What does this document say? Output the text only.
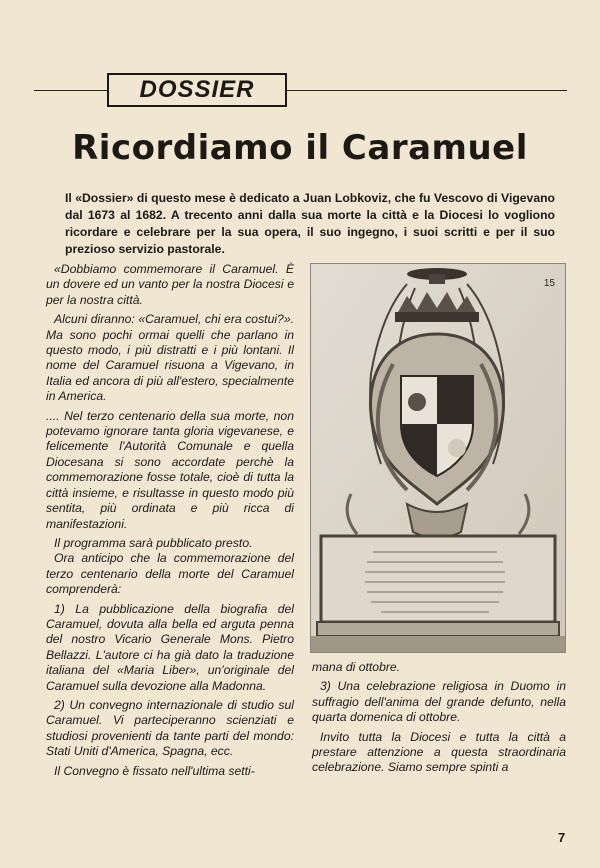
DOSSIER
Ricordiamo il Caramuel
Il «Dossier» di questo mese è dedicato a Juan Lobkoviz, che fu Vescovo di Vigevano dal 1673 al 1682. A trecento anni dalla sua morte la città e la Diocesi lo vogliono ricordare e celebrare per la sua opera, il suo ingegno, i suoi scritti e per il suo prezioso servizio pastorale.

«Dobbiamo commemorare il Caramuel. È un dovere ed un vanto per la nostra Diocesi e per la nostra città.

Alcuni diranno: «Caramuel, chi era costui?». Ma sono pochi ormai quelli che parlano in questo modo, i più distratti e i più lontani. Il nome del Caramuel risuona a Vigevano, in Italia ed ancora di più all'estero, specialmente in America.

.... Nel terzo centenario della sua morte, non potevamo ignorare tanta gloria vigevanese, e felicemente l'Autorità Comunale e quella Diocesana si sono accordate perchè la commemorazione fosse totale, cioè di tutta la città insieme, e risultasse in questo modo più sentita, più ordinata e più ricca di manifestazioni.

Il programma sarà pubblicato presto.

Ora anticipo che la commemorazione del terzo centenario della morte del Caramuel comprenderà:

1) La pubblicazione della biografia del Caramuel, dovuta alla bella ed arguta penna del nostro Vicario Generale Mons. Pietro Bellazzi. L'autore ci ha già dato la traduzione italiana del «Maria Liber», un'originale del Caramuel sulla devozione alla Madonna.

2) Un convegno internazionale di studio sul Caramuel. Vi parteciperanno scienziati e studiosi provenienti da tante parti del mondo: Stati Uniti d'America, Spagna, ecc.

Il Convegno è fissato nell'ultima setti-

15

mana di ottobre.

3) Una celebrazione religiosa in Duomo in suffragio dell'anima del grande defunto, nella quarta domenica di ottobre.

Invito tutta la Diocesi e tutta la città a prestare attenzione a questa straordinaria celebrazione. Siamo sempre spinti a

7
